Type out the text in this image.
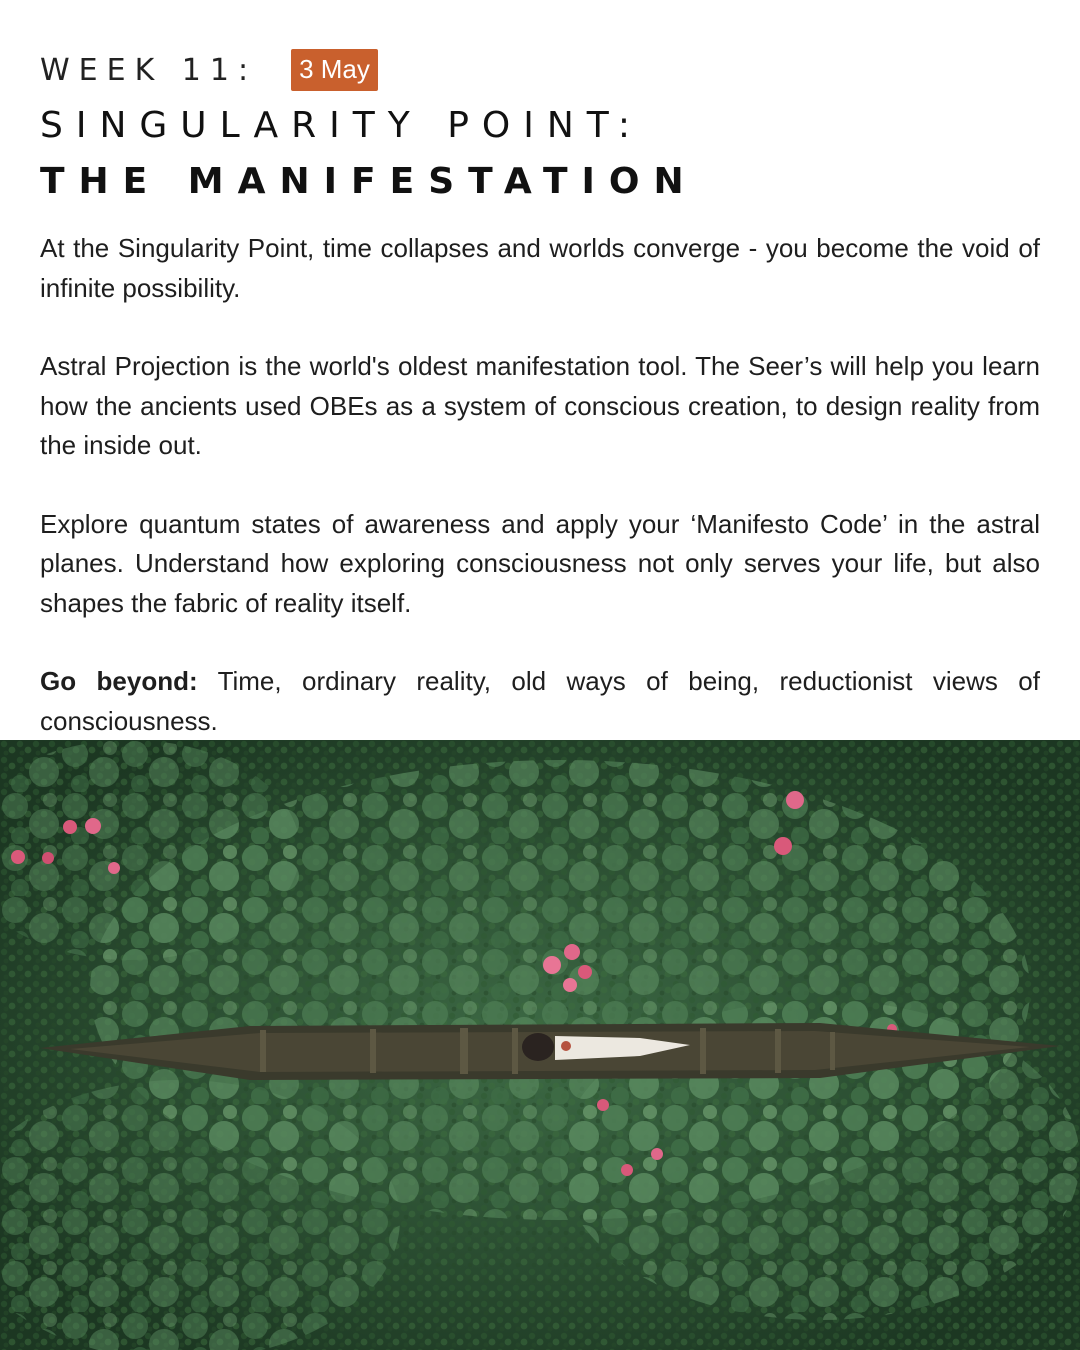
WEEK 11:	3 May
SINGULARITY POINT:
THE MANIFESTATION

At the Singularity Point, time collapses and worlds converge - you become the void of infinite possibility.

Astral Projection is the world's oldest manifestation tool. The Seer’s will help you learn how the ancients used OBEs as a system of conscious creation, to design reality from the inside out.

Explore quantum states of awareness and apply your ‘Manifesto Code’ in the astral planes. Understand how exploring consciousness not only serves your life, but also shapes the fabric of reality itself.

Go beyond: Time, ordinary reality, old ways of being, reductionist views of consciousness.
